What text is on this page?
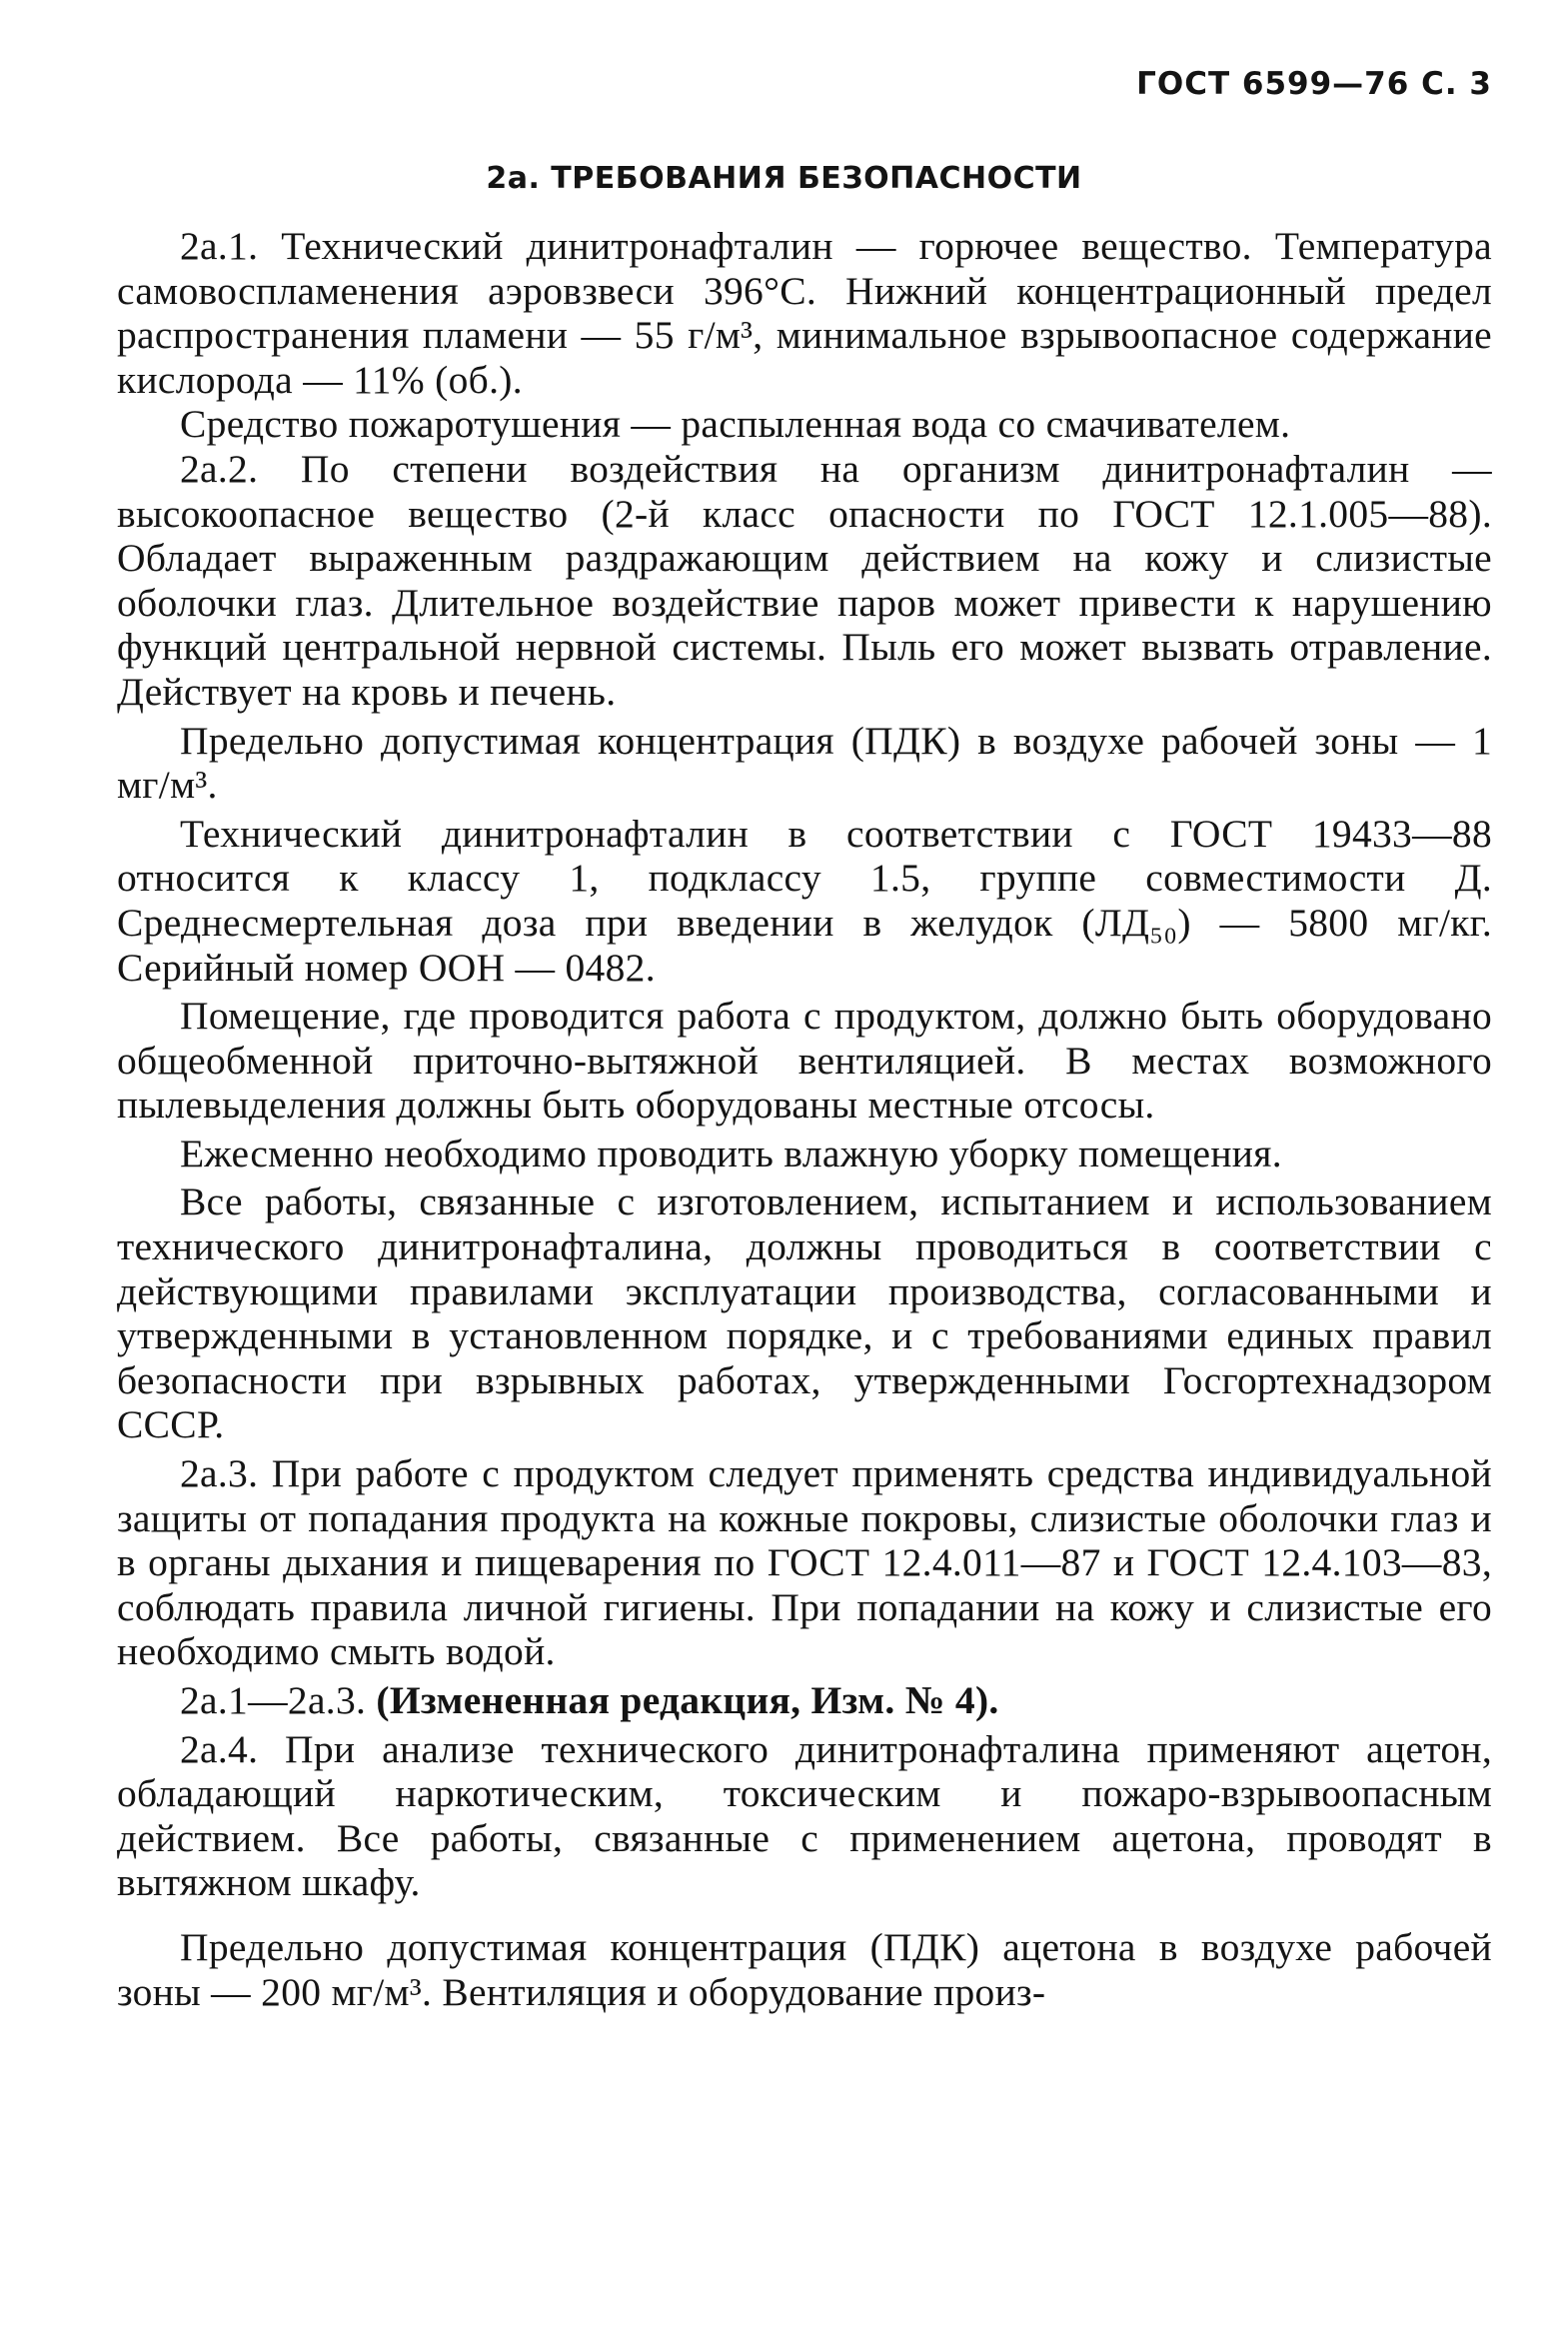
ГОСТ 6599—76 С. 3
2а. ТРЕБОВАНИЯ БЕЗОПАСНОСТИ

2а.1. Технический динитронафталин — горючее вещество. Температура самовоспламенения аэровзвеси 396°С. Нижний концентрационный предел распространения пламени — 55 г/м³, минимальное взрывоопасное содержание кислорода — 11% (об.).

Средство пожаротушения — распыленная вода со смачивателем.

2а.2. По степени воздействия на организм динитронафталин — высокоопасное вещество (2-й класс опасности по ГОСТ 12.1.005—88). Обладает выраженным раздражающим действием на кожу и слизистые оболочки глаз. Длительное воздействие паров может привести к нарушению функций центральной нервной системы. Пыль его может вызвать отравление. Действует на кровь и печень.

Предельно допустимая концентрация (ПДК) в воздухе рабочей зоны — 1 мг/м³.

Технический динитронафталин в соответствии с ГОСТ 19433—88 относится к классу 1, подклассу 1.5, группе совместимости Д. Среднесмертельная доза при введении в желудок (ЛД₅₀) — 5800 мг/кг. Серийный номер ООН — 0482.

Помещение, где проводится работа с продуктом, должно быть оборудовано общеобменной приточно-вытяжной вентиляцией. В местах возможного пылевыделения должны быть оборудованы местные отсосы.

Ежесменно необходимо проводить влажную уборку помещения.

Все работы, связанные с изготовлением, испытанием и использованием технического динитронафталина, должны проводиться в соответствии с действующими правилами эксплуатации производства, согласованными и утвержденными в установленном порядке, и с требованиями единых правил безопасности при взрывных работах, утвержденными Госгортехнадзором СССР.

2а.3. При работе с продуктом следует применять средства индивидуальной защиты от попадания продукта на кожные покровы, слизистые оболочки глаз и в органы дыхания и пищеварения по ГОСТ 12.4.011—87 и ГОСТ 12.4.103—83, соблюдать правила личной гигиены. При попадании на кожу и слизистые его необходимо смыть водой.

2а.1—2а.3. (Измененная редакция, Изм. № 4).

2а.4. При анализе технического динитронафталина применяют ацетон, обладающий наркотическим, токсическим и пожаро-взрывоопасным действием. Все работы, связанные с применением ацетона, проводят в вытяжном шкафу.

Предельно допустимая концентрация (ПДК) ацетона в воздухе рабочей зоны — 200 мг/м³. Вентиляция и оборудование произ-
